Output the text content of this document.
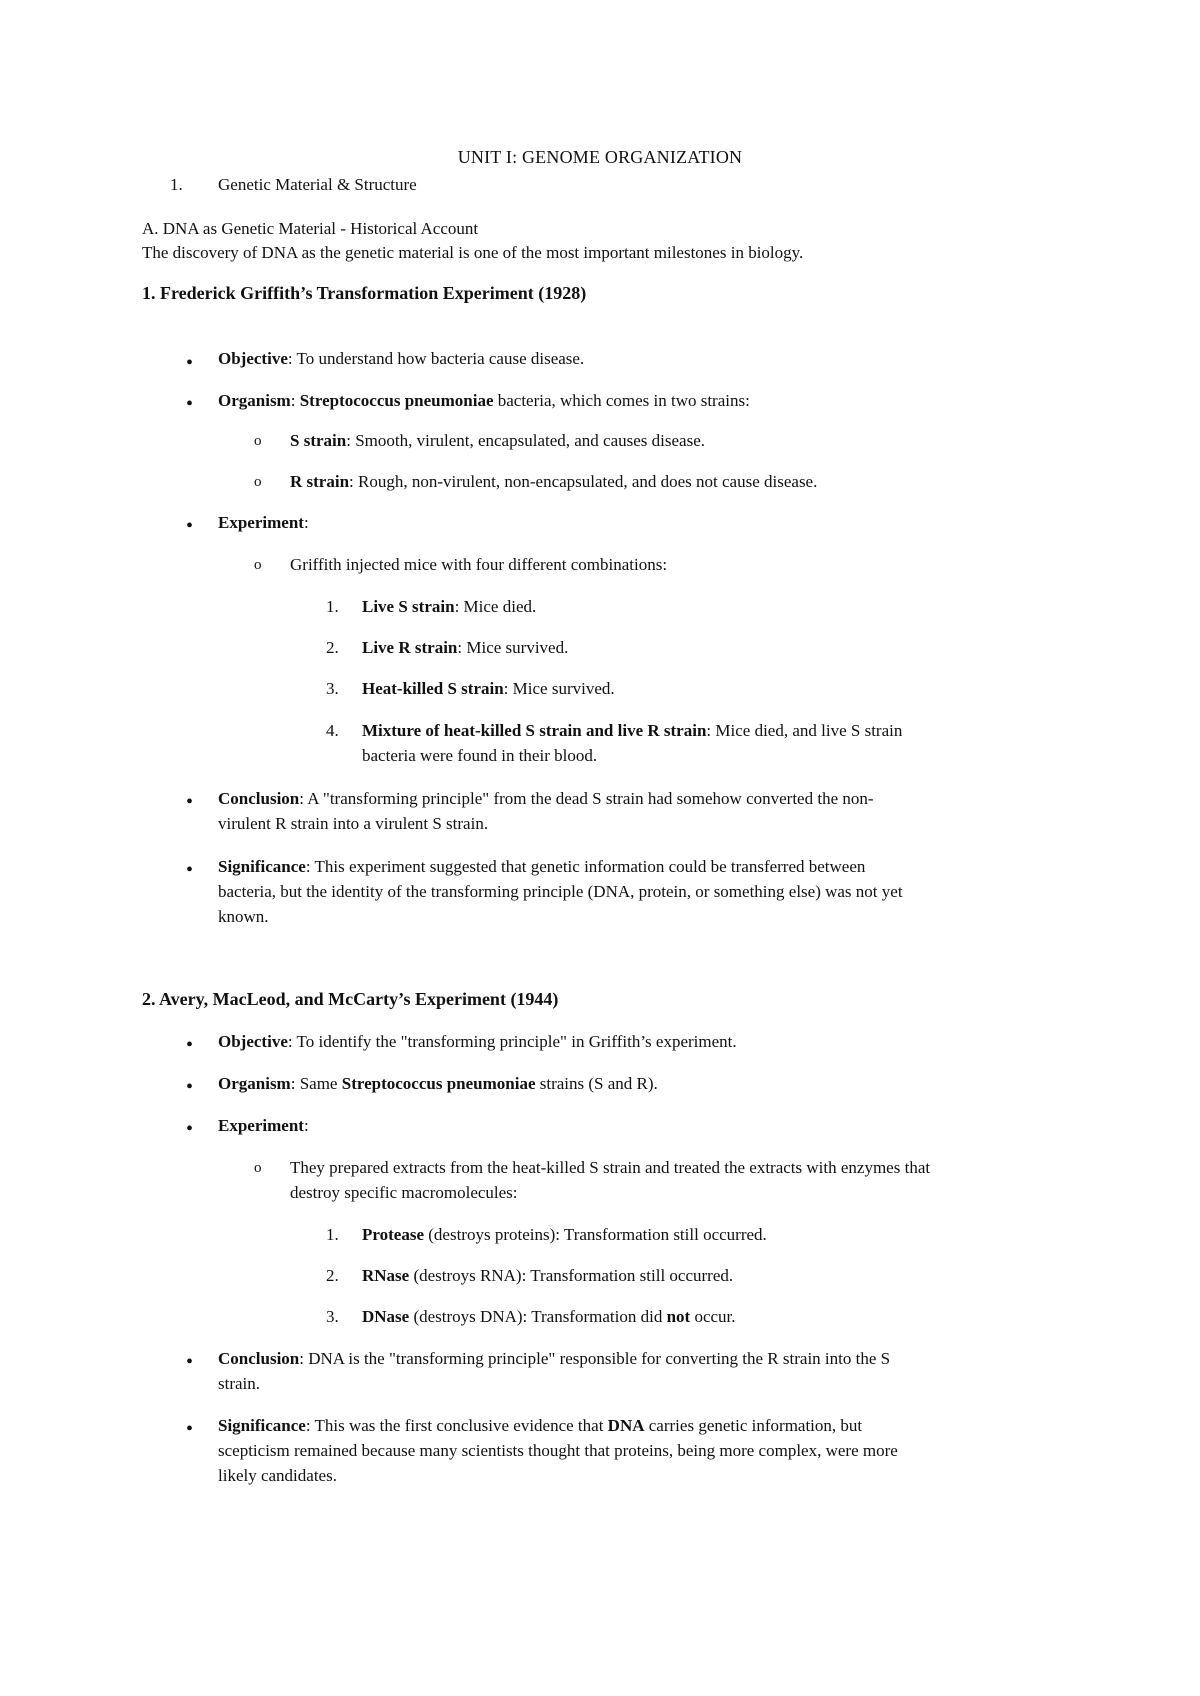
UNIT I: GENOME ORGANIZATION
1. Genetic Material & Structure
A. DNA as Genetic Material - Historical Account
The discovery of DNA as the genetic material is one of the most important milestones in biology.
1. Frederick Griffith’s Transformation Experiment (1928)
• Objective: To understand how bacteria cause disease.
• Organism: Streptococcus pneumoniae bacteria, which comes in two strains:
o S strain: Smooth, virulent, encapsulated, and causes disease.
o R strain: Rough, non-virulent, non-encapsulated, and does not cause disease.
• Experiment:
o Griffith injected mice with four different combinations:
1. Live S strain: Mice died.
2. Live R strain: Mice survived.
3. Heat-killed S strain: Mice survived.
4. Mixture of heat-killed S strain and live R strain: Mice died, and live S strain
bacteria were found in their blood.
• Conclusion: A "transforming principle" from the dead S strain had somehow converted the non-
virulent R strain into a virulent S strain.
• Significance: This experiment suggested that genetic information could be transferred between
bacteria, but the identity of the transforming principle (DNA, protein, or something else) was not yet
known.
2. Avery, MacLeod, and McCarty’s Experiment (1944)
• Objective: To identify the "transforming principle" in Griffith’s experiment.
• Organism: Same Streptococcus pneumoniae strains (S and R).
• Experiment:
o They prepared extracts from the heat-killed S strain and treated the extracts with enzymes that
destroy specific macromolecules:
1. Protease (destroys proteins): Transformation still occurred.
2. RNase (destroys RNA): Transformation still occurred.
3. DNase (destroys DNA): Transformation did not occur.
• Conclusion: DNA is the "transforming principle" responsible for converting the R strain into the S
strain.
• Significance: This was the first conclusive evidence that DNA carries genetic information, but
scepticism remained because many scientists thought that proteins, being more complex, were more
likely candidates.
